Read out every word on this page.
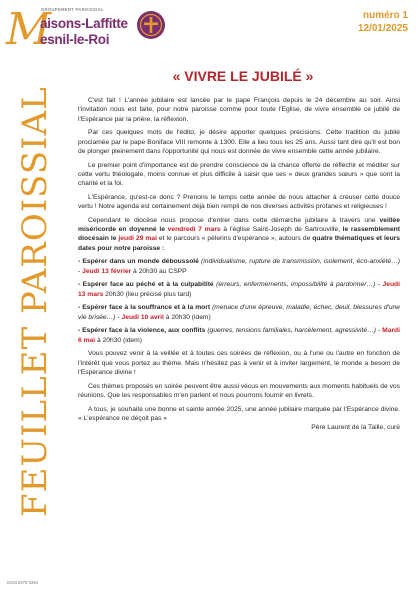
GROUPEMENT PAROISSIAL
M
aisons-Laffitte
esnil-le-Roi
numéro 1
12/01/2025
FEUILLET PAROISSIAL
ISSN 2970-0264
« VIVRE LE JUBILÉ »

C'est fait ! L'année jubilaire est lancée par le pape François depuis le 24 décembre au soir. Ainsi l'invitation nous est faite, pour notre paroisse comme pour toute l'Eglise, de vivre ensemble ce jubilé de l'Espérance par la prière, la réflexion.

Par ces quelques mots de l'édito, je désire apporter quelques précisions. Cette tradition du jubilé proclamée par le pape Boniface VIII remonte à 1300. Elle a lieu tous les 25 ans. Aussi tant dire qu'il est bon de plonger pleinement dans l'opportunité qui nous est donnée de vivre ensemble cette année jubilaire.

Le premier point d'importance est de prendre conscience de la chance offerte de réfléchir et méditer sur cette vertu théologale, moins connue et plus difficile à saisir que ses « deux grandes sœurs » que sont la charité et la foi.

L'Espérance, qu'est-ce donc ? Prenons le temps cette année de nous attacher à creuser cette douce vertu ! Notre agenda est certainement déjà bien rempli de nos diverses activités profanes et religieuses !

Cependant le diocèse nous propose d'entrer dans cette démarche jubilaire à travers une veillée miséricorde en doyenné le vendredi 7 mars à l'église Saint-Joseph de Sartrouville, le rassemblement diocésain le jeudi 29 mai et le parcours « pèlerins d'espérance », autours de quatre thématiques et leurs dates pour notre paroisse :

- Espérer dans un monde déboussolé (individualisme, rupture de transmission, isolement, éco-anxiété…) - Jeudi 13 février à 20h30 au CSPP

- Espérer face au péché et à la culpabilité (erreurs, enfermements, impossibilité à pardonner…) - Jeudi 13 mars 20h30 (lieu précisé plus tard)

- Espérer face à la souffrance et à la mort (menace d'une épreuve, maladie, échec, deuil, blessures d'une vie brisée…) - Jeudi 10 avril à 20h30 (idem)

- Espérer face à la violence, aux conflits (guerres, tensions familiales, harcèlement, agressivité…) - Mardi 6 mai à 20h30 (idem)

Vous pouvez venir à la veillée et à toutes ces soirées de réflexion, ou à l'une ou l'autre en fonction de l'intérêt que vous portez au thème. Mais n'hésitez pas à venir et à inviter largement, le monde a besoin de l'Espérance divine !

Ces thèmes proposés en soirée peuvent être aussi vécus en mouvements aux moments habituels de vos réunions. Que les responsables m'en parlent et nous pourrons fournir en livrets.

A tous, je souhaite une bonne et sainte année 2025, une année jubilaire marquée par l'Espérance divine. « L'espérance ne déçoit pas »

Père Laurent de la Taille, curé
